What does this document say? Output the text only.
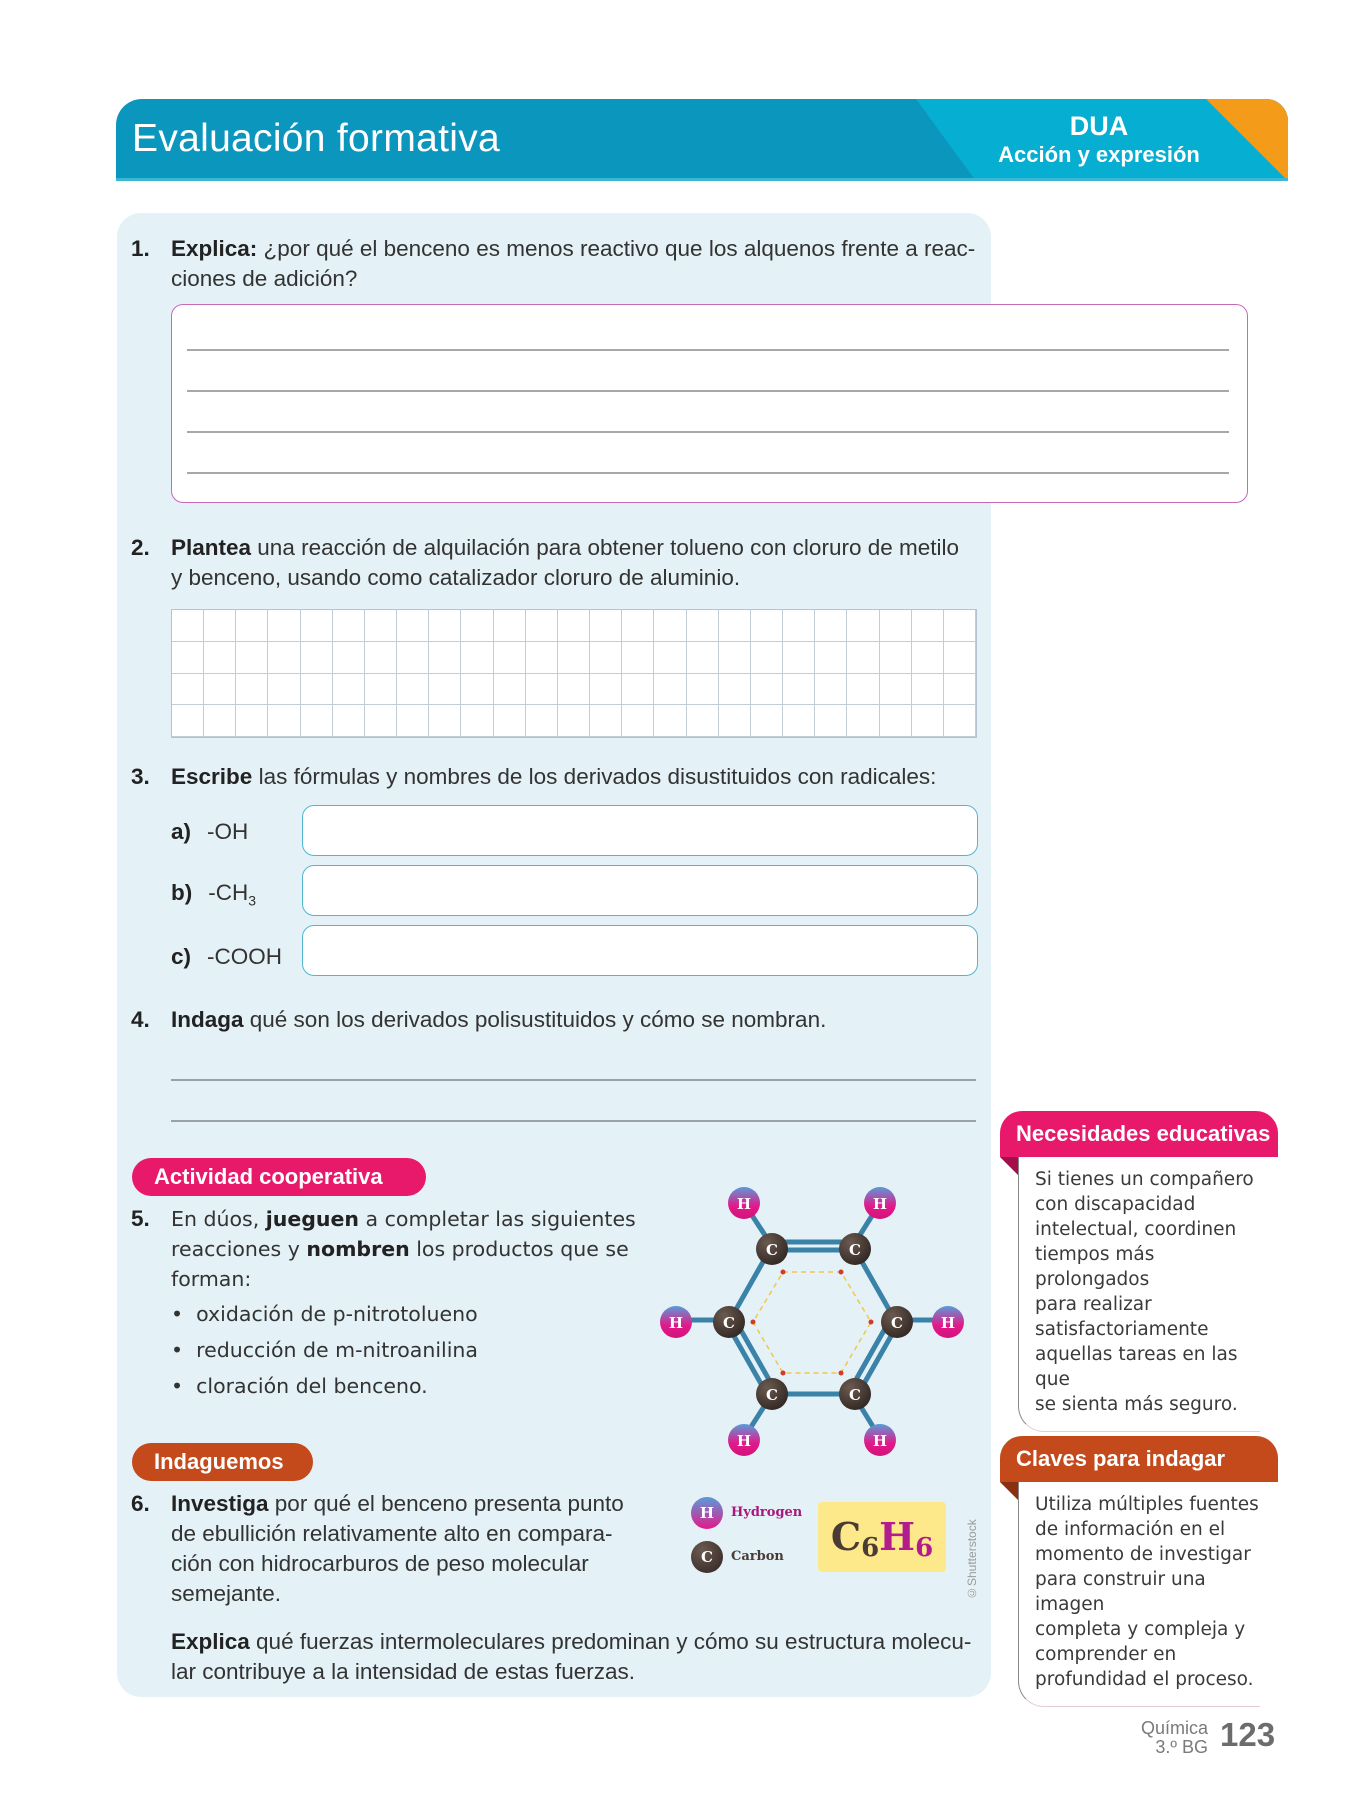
Evaluación formativa	DUA
Acción y expresión
1. Explica: ¿por qué el benceno es menos reactivo que los alquenos frente a reac-
ciones de adición?
2. Plantea una reacción de alquilación para obtener tolueno con cloruro de metilo
y benceno, usando como catalizador cloruro de aluminio.
3. Escribe las fórmulas y nombres de los derivados disustituidos con radicales:
a) -OH
b) $-CH_3$
c) -COOH
4. Indaga qué son los derivados polisustituidos y cómo se nombran.
Actividad cooperativa
5. En dúos, jueguen a completar las siguientes
reacciones y nombren los productos que se
forman:
•  oxidación de p-nitrotolueno
•  reducción de m-nitroanilina
•  cloración del benceno.
C	C
C	C
C	C
H	H
H	H
H	H
H	Hydrogen
C	Carbon	$C_6H_6$	©Shutterstock
Indaguemos
6. Investiga por qué el benceno presenta punto
de ebullición relativamente alto en compara-
ción con hidrocarburos de peso molecular
semejante.
Explica qué fuerzas intermoleculares predominan y cómo su estructura molecu-
lar contribuye a la intensidad de estas fuerzas.
Necesidades educativas
Si tienes un compañero
con discapacidad
intelectual, coordinen
tiempos más prolongados
para realizar
satisfactoriamente
aquellas tareas en las que
se sienta más seguro.
Claves para indagar
Utiliza múltiples fuentes
de información en el
momento de investigar
para construir una imagen
completa y compleja y
comprender en
profundidad el proceso.
Química
3.º BG 123
